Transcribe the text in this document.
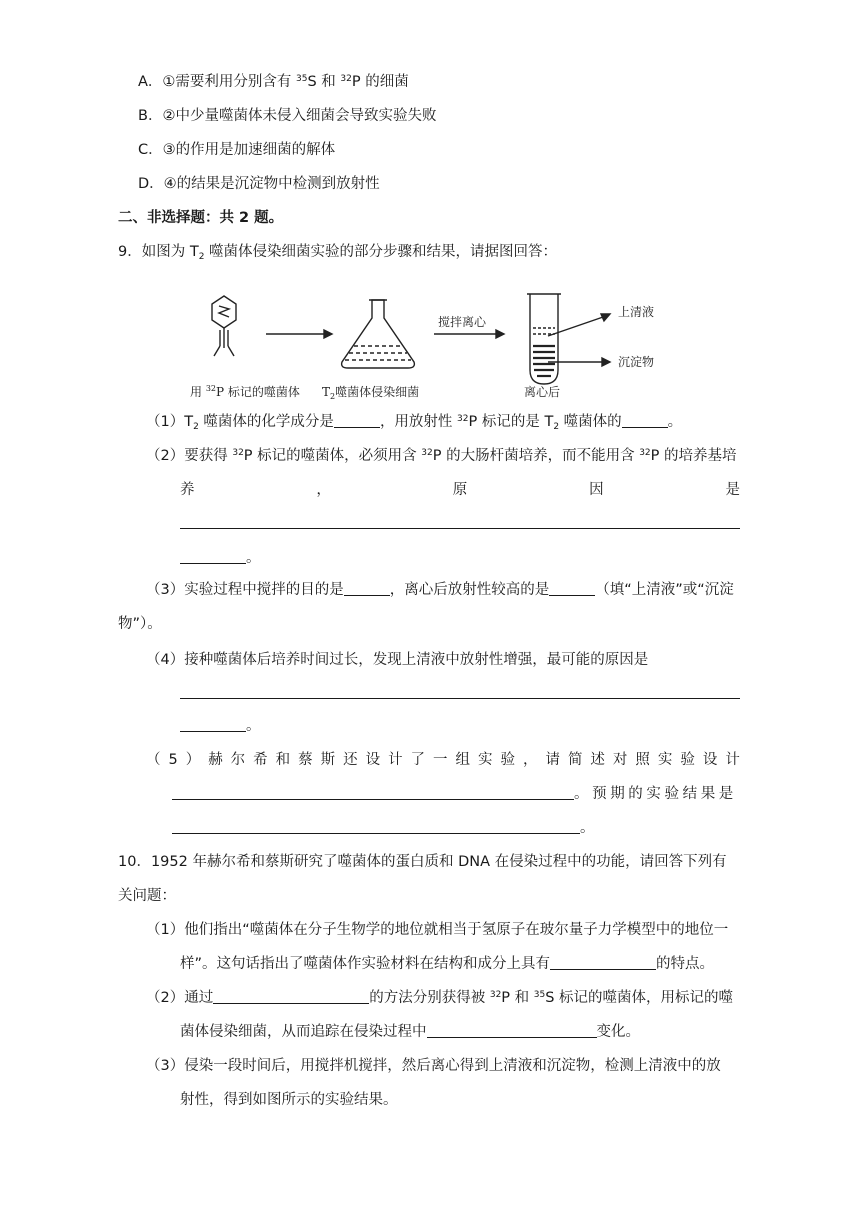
A．①需要利用分别含有 $^{35}$S 和 $^{32}$P 的细菌
B．②中少量噬菌体未侵入细菌会导致实验失败
C．③的作用是加速细菌的解体
D．④的结果是沉淀物中检测到放射性
二、非选择题：共 2 题。
9．如图为 $T_2$ 噬菌体侵染细菌实验的部分步骤和结果，请据图回答：
搅拌离心
上清液
沉淀物
用 $^{32}$P 标记的噬菌体 $T_2$噬菌体侵染细菌	离心后
$(1)T_2$ 噬菌体的化学成分是	，用放射性 $^{32}$P 标记的是 $T_2$ 噬菌体的	。
（2）要获得 $^{32}$P 标记的噬菌体，必须用含 $^{32}$P 的大肠杆菌培养，而不能用含 $^{32}$P 的培养基培
养	，	原	因	是
。
（3）实验过程中搅拌的目的是	，离心后放射性较高的是	（填“上清液”或“沉淀
物”）。
（4）接种噬菌体后培养时间过长，发现上清液中放射性增强，最可能的原因是
。
（ 5 ） 赫 尔 希 和 蔡 斯 还 设 计 了 一 组 实 验 ， 请 简 述 对 照 实 验 设 计
。预期的实验结果是
。
10．1952 年赫尔希和蔡斯研究了噬菌体的蛋白质和 DNA 在侵染过程中的功能，请回答下列有
关问题：
（1）他们指出“噬菌体在分子生物学的地位就相当于氢原子在玻尔量子力学模型中的地位一
样”。这句话指出了噬菌体作实验材料在结构和成分上具有	的特点。
（2）通过	的方法分别获得被 $^{32}$P 和 $^{35}$S 标记的噬菌体，用标记的噬
菌体侵染细菌，从而追踪在侵染过程中	变化。
（3）侵染一段时间后，用搅拌机搅拌，然后离心得到上清液和沉淀物，检测上清液中的放
射性，得到如图所示的实验结果。
